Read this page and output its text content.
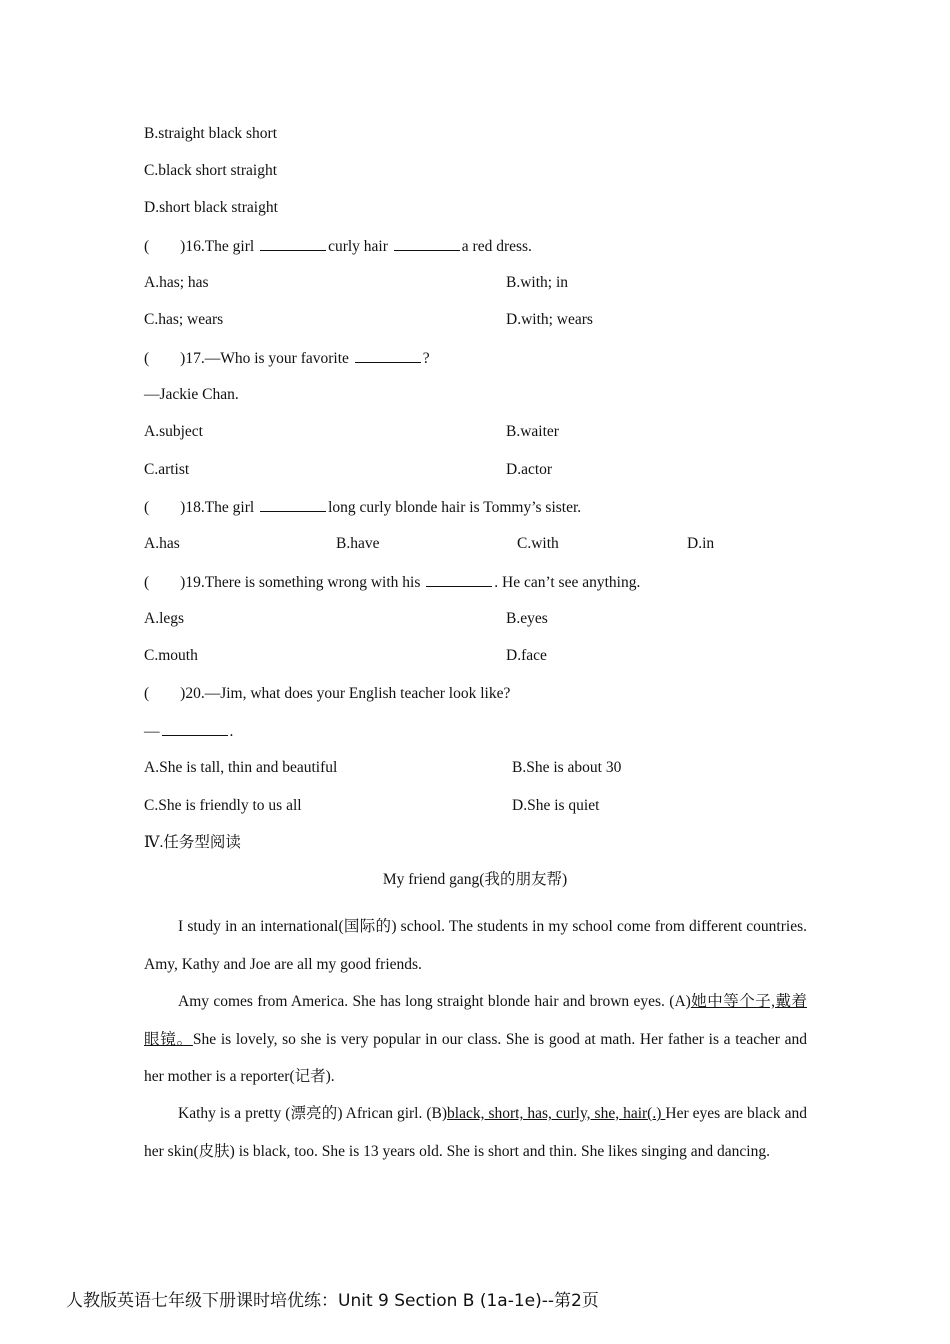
B.straight black short
C.black short straight
D.short black straight
(　　)16.The girl	curly hair	a red dress.
A.has; has	B.with; in
C.has; wears	D.with; wears
(　　)17.—Who is your favorite	?
—Jackie Chan.
A.subject	B.waiter
C.artist	D.actor
(　　)18.The girl	long curly blonde hair is Tommy’s sister.
A.has	B.have	C.with	D.in
(　　)19.There is something wrong with his	. He can’t see anything.
A.legs	B.eyes
C.mouth	D.face
(　　)20.—Jim, what does your English teacher look like?
—	.
A.She is tall, thin and beautiful	B.She is about 30
C.She is friendly to us all	D.She is quiet
Ⅳ.任务型阅读
My friend gang(我的朋友帮)
I study in an international(国际的) school. The students in my school come from different countries. Amy, Kathy and Joe are all my good friends.
Amy comes from America. She has long straight blonde hair and brown eyes. (A)她中等个子,戴着眼镜。She is lovely, so she is very popular in our class. She is good at math. Her father is a teacher and her mother is a reporter(记者).
Kathy is a pretty (漂亮的) African girl. (B)black, short, has, curly, she, hair(.) Her eyes are black and her skin(皮肤) is black, too. She is 13 years old. She is short and thin. She likes singing and dancing.
人教版英语七年级下册课时培优练：Unit 9 Section B (1a-1e)--第2页
